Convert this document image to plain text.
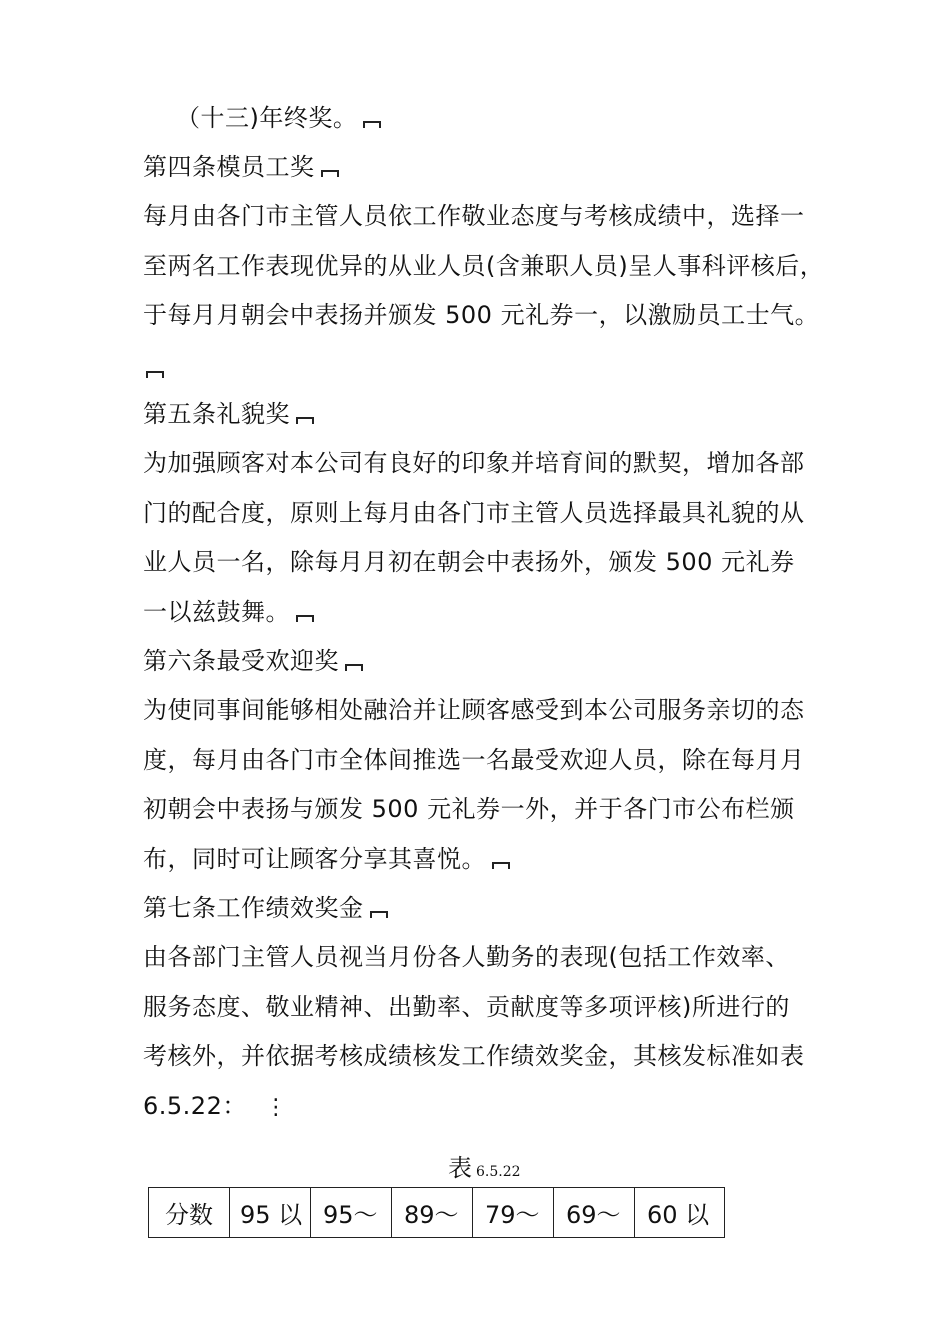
（十三)年终奖。
第四条模员工奖
每月由各门市主管人员依工作敬业态度与考核成绩中，选择一
至两名工作表现优异的从业人员(含兼职人员)呈人事科评核后，
于每月月朝会中表扬并颁发 500 元礼券一，以激励员工士气。
第五条礼貌奖
为加强顾客对本公司有良好的印象并培育间的默契，增加各部
门的配合度，原则上每月由各门市主管人员选择最具礼貌的从
业人员一名，除每月月初在朝会中表扬外，颁发 500 元礼券
一以兹鼓舞。
第六条最受欢迎奖
为使同事间能够相处融洽并让顾客感受到本公司服务亲切的态
度，每月由各门市全体间推选一名最受欢迎人员，除在每月月
初朝会中表扬与颁发 500 元礼券一外，并于各门市公布栏颁
布，同时可让顾客分享其喜悦。
第七条工作绩效奖金
由各部门主管人员视当月份各人勤务的表现(包括工作效率、
服务态度、敬业精神、出勤率、贡献度等多项评核)所进行的
考核外，并依据考核成绩核发工作绩效奖金，其核发标准如表
6.5.22： ⋮
表 6.5.22
分数	95 以	95～	89～	79～	69～	60 以
